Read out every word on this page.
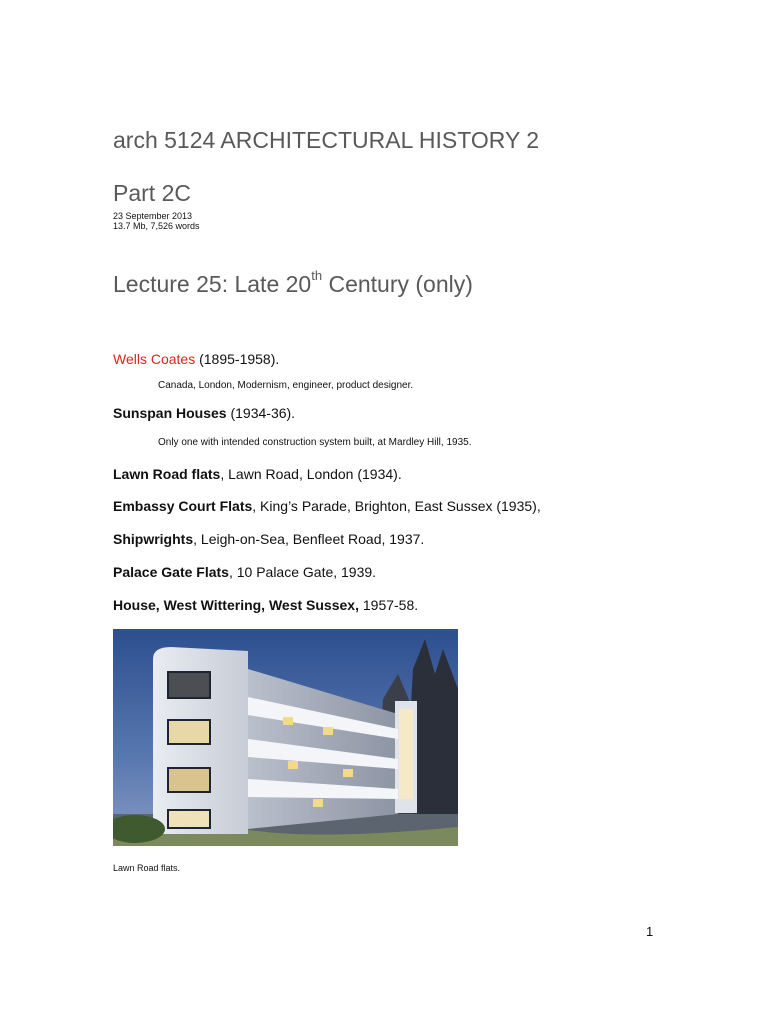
arch 5124 ARCHITECTURAL HISTORY 2
Part 2C
23 September 2013
13.7 Mb, 7,526 words
Lecture 25: Late 20th Century (only)
Wells Coates (1895-1958).
Canada, London, Modernism, engineer, product designer.
Sunspan Houses (1934-36).
Only one with intended construction system built, at Mardley Hill, 1935.
Lawn Road flats, Lawn Road, London (1934).
Embassy Court Flats, King’s Parade, Brighton, East Sussex (1935),
Shipwrights, Leigh-on-Sea, Benfleet Road, 1937.
Palace Gate Flats, 10 Palace Gate, 1939.
House, West Wittering, West Sussex, 1957-58.
Lawn Road flats.
1
